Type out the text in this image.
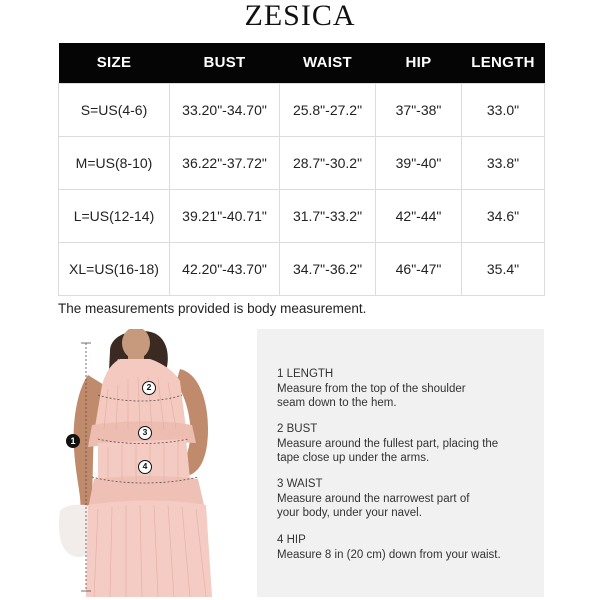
ZESICA
SIZE	BUST	WAIST	HIP	LENGTH
S=US(4-6)	33.20"-34.70"	25.8"-27.2"	37"-38"	33.0"
M=US(8-10)	36.22"-37.72"	28.7"-30.2"	39"-40"	33.8"
L=US(12-14)	39.21"-40.71"	31.7"-33.2"	42"-44"	34.6"
XL=US(16-18)	42.20"-43.70"	34.7"-36.2"	46"-47"	35.4"
The measurements provided is body measurement.
1
2
3
4
1 LENGTH
Measure from the top of the shoulder seam down to the hem.
2 BUST
Measure around the fullest part, placing the tape close up under the arms.
3 WAIST
Measure around the narrowest part of your body, under your navel.
4 HIP
Measure 8 in (20 cm) down from your waist.
